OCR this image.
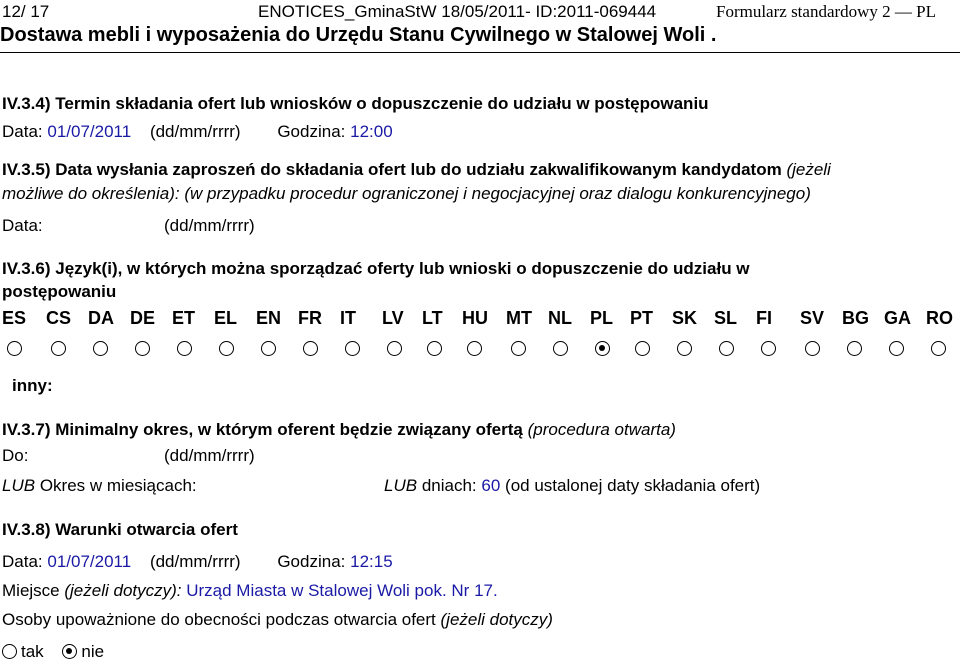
12/ 17	ENOTICES_GminaStW 18/05/2011- ID:2011-069444	Formularz standardowy 2 — PL
Dostawa mebli i wyposażenia do Urzędu Stanu Cywilnego w Stalowej Woli .
IV.3.4) Termin składania ofert lub wniosków o dopuszczenie do udziału w postępowaniu
Data: 01/07/2011 (dd/mm/rrrr) Godzina: 12:00
IV.3.5) Data wysłania zaproszeń do składania ofert lub do udziału zakwalifikowanym kandydatom (jeżeli
możliwe do określenia): (w przypadku procedur ograniczonej i negocjacyjnej oraz dialogu konkurencyjnego)
Data:	(dd/mm/rrrr)
IV.3.6) Język(i), w których można sporządzać oferty lub wnioski o dopuszczenie do udziału w
postępowaniu
ES CS DA DE ET EL EN FR IT LV LT HU MT NL PL PT SK SL FI SV BG GA RO
inny:
IV.3.7) Minimalny okres, w którym oferent będzie związany ofertą (procedura otwarta)
Do:	(dd/mm/rrrr)
LUB Okres w miesiącach:	LUB dniach: 60 (od ustalonej daty składania ofert)
IV.3.8) Warunki otwarcia ofert
Data: 01/07/2011 (dd/mm/rrrr) Godzina: 12:15
Miejsce (jeżeli dotyczy): Urząd Miasta w Stalowej Woli pok. Nr 17.
Osoby upoważnione do obecności podczas otwarcia ofert (jeżeli dotyczy)
tak nie
